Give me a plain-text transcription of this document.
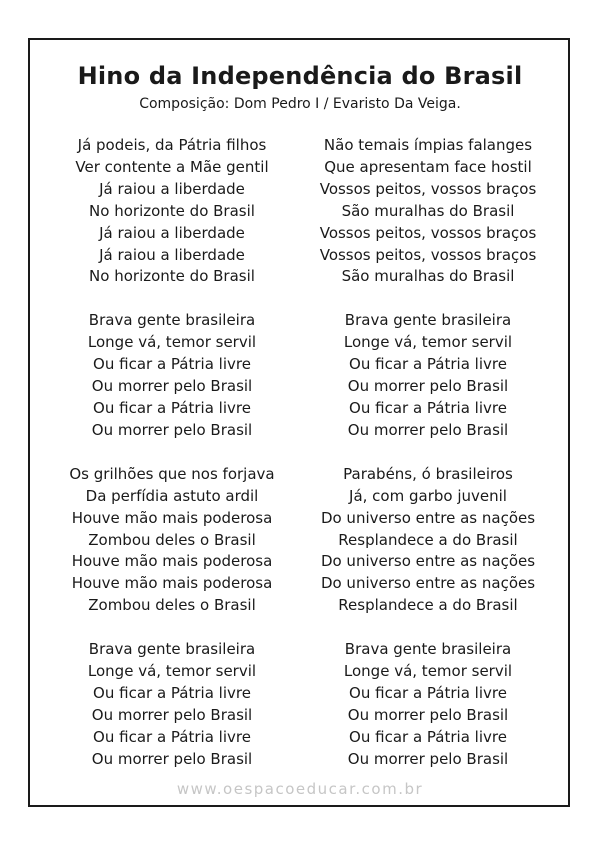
Hino da Independência do Brasil
Composição: Dom Pedro I / Evaristo Da Veiga.
Já podeis, da Pátria filhos
Ver contente a Mãe gentil
Já raiou a liberdade
No horizonte do Brasil
Já raiou a liberdade
Já raiou a liberdade
No horizonte do Brasil
Brava gente brasileira
Longe vá, temor servil
Ou ficar a Pátria livre
Ou morrer pelo Brasil
Ou ficar a Pátria livre
Ou morrer pelo Brasil
Os grilhões que nos forjava
Da perfídia astuto ardil
Houve mão mais poderosa
Zombou deles o Brasil
Houve mão mais poderosa
Houve mão mais poderosa
Zombou deles o Brasil
Brava gente brasileira
Longe vá, temor servil
Ou ficar a Pátria livre
Ou morrer pelo Brasil
Ou ficar a Pátria livre
Ou morrer pelo Brasil
Não temais ímpias falanges
Que apresentam face hostil
Vossos peitos, vossos braços
São muralhas do Brasil
Vossos peitos, vossos braços
Vossos peitos, vossos braços
São muralhas do Brasil
Brava gente brasileira
Longe vá, temor servil
Ou ficar a Pátria livre
Ou morrer pelo Brasil
Ou ficar a Pátria livre
Ou morrer pelo Brasil
Parabéns, ó brasileiros
Já, com garbo juvenil
Do universo entre as nações
Resplandece a do Brasil
Do universo entre as nações
Do universo entre as nações
Resplandece a do Brasil
Brava gente brasileira
Longe vá, temor servil
Ou ficar a Pátria livre
Ou morrer pelo Brasil
Ou ficar a Pátria livre
Ou morrer pelo Brasil
www.oespacoeducar.com.br
